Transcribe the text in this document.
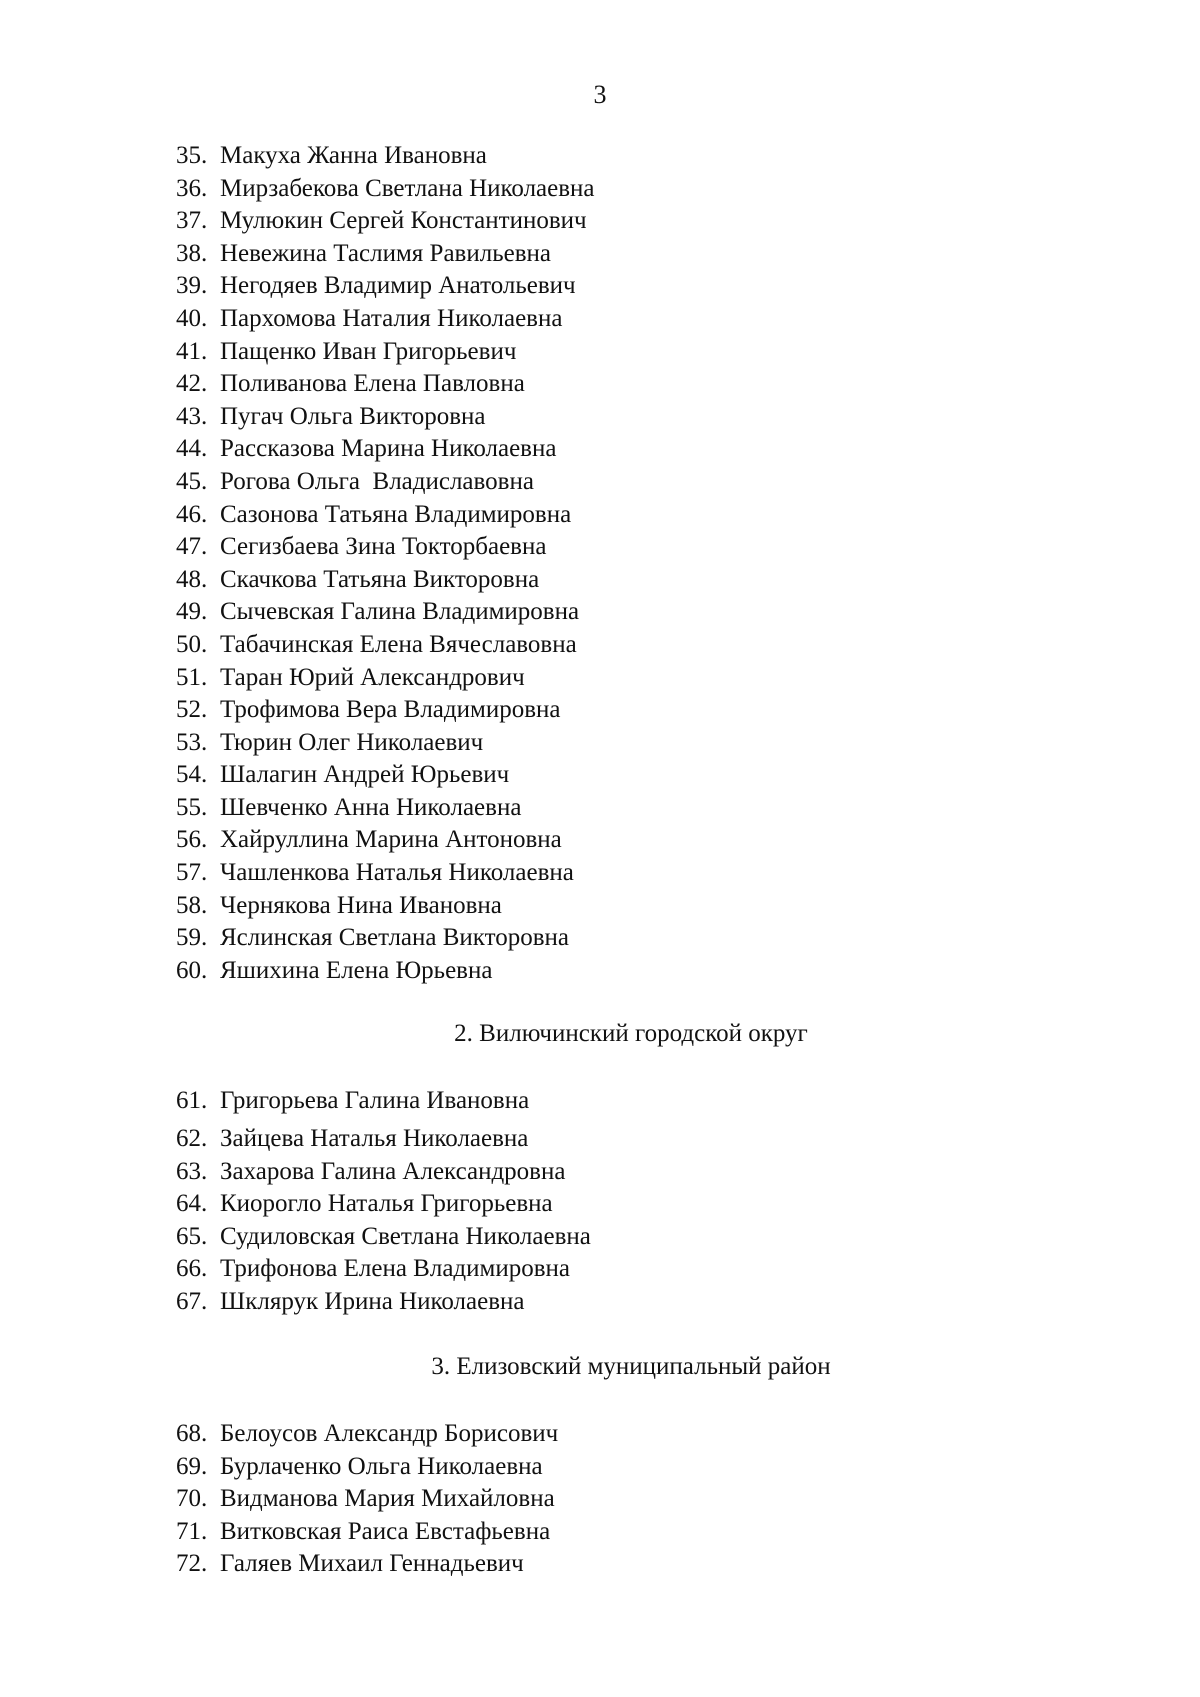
3

35. Макуха Жанна Ивановна
36. Мирзабекова Светлана Николаевна
37. Мулюкин Сергей Константинович
38. Невежина Таслимя Равильевна
39. Негодяев Владимир Анатольевич
40. Пархомова Наталия Николаевна
41. Пащенко Иван Григорьевич
42. Поливанова Елена Павловна
43. Пугач Ольга Викторовна
44. Рассказова Марина Николаевна
45. Рогова Ольга  Владиславовна
46. Сазонова Татьяна Владимировна
47. Сегизбаева Зина Токторбаевна
48. Скачкова Татьяна Викторовна
49. Сычевская Галина Владимировна
50. Табачинская Елена Вячеславовна
51. Таран Юрий Александрович
52. Трофимова Вера Владимировна
53. Тюрин Олег Николаевич
54. Шалагин Андрей Юрьевич
55. Шевченко Анна Николаевна
56. Хайруллина Марина Антоновна
57. Чашленкова Наталья Николаевна
58. Чернякова Нина Ивановна
59. Яслинская Светлана Викторовна
60. Яшихина Елена Юрьевна

2. Вилючинский городской округ

61. Григорьева Галина Ивановна
62. Зайцева Наталья Николаевна
63. Захарова Галина Александровна
64. Киорогло Наталья Григорьевна
65. Судиловская Светлана Николаевна
66. Трифонова Елена Владимировна
67. Шклярук Ирина Николаевна

3. Елизовский муниципальный район

68. Белоусов Александр Борисович
69. Бурлаченко Ольга Николаевна
70. Видманова Мария Михайловна
71. Витковская Раиса Евстафьевна
72. Галяев Михаил Геннадьевич
